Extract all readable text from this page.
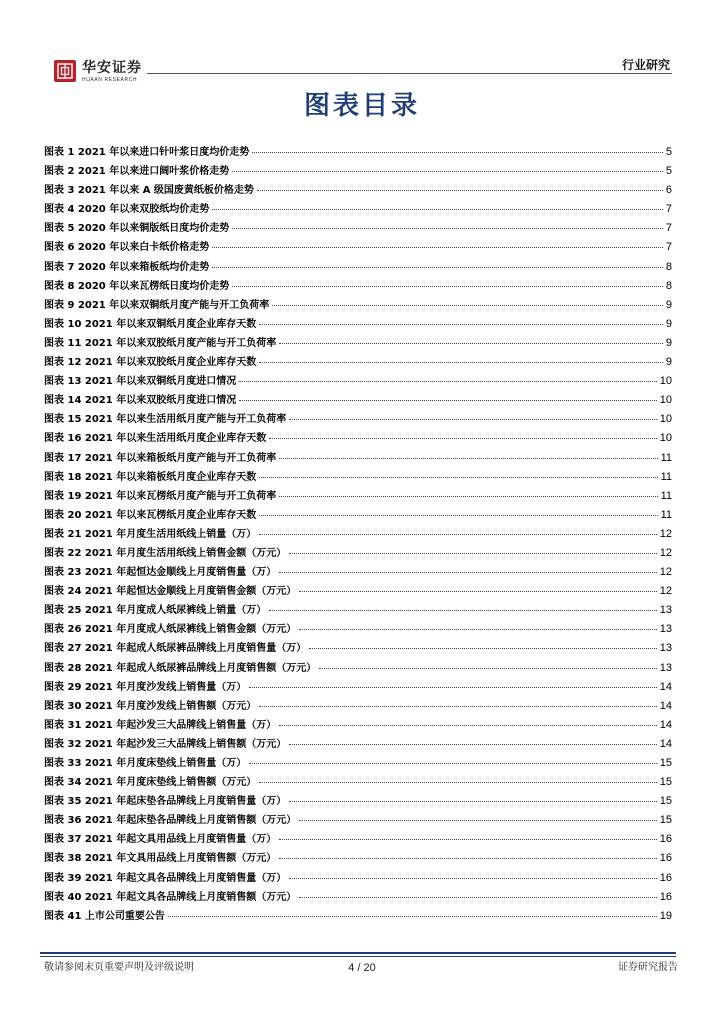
华安证券
HUAAN RESEARCH
行业研究
图表目录
图表 1 2021 年以来进口针叶浆日度均价走势	5
图表 2 2021 年以来进口阔叶浆价格走势	5
图表 3 2021 年以来 A 级国废黄纸板价格走势	6
图表 4 2020 年以来双胶纸均价走势	7
图表 5 2020 年以来铜版纸日度均价走势	7
图表 6 2020 年以来白卡纸价格走势	7
图表 7 2020 年以来箱板纸均价走势	8
图表 8 2020 年以来瓦楞纸日度均价走势	8
图表 9 2021 年以来双铜纸月度产能与开工负荷率	9
图表 10 2021 年以来双铜纸月度企业库存天数	9
图表 11 2021 年以来双胶纸月度产能与开工负荷率	9
图表 12 2021 年以来双胶纸月度企业库存天数	9
图表 13 2021 年以来双铜纸月度进口情况	10
图表 14 2021 年以来双胶纸月度进口情况	10
图表 15 2021 年以来生活用纸月度产能与开工负荷率	10
图表 16 2021 年以来生活用纸月度企业库存天数	10
图表 17 2021 年以来箱板纸月度产能与开工负荷率	11
图表 18 2021 年以来箱板纸月度企业库存天数	11
图表 19 2021 年以来瓦楞纸月度产能与开工负荷率	11
图表 20 2021 年以来瓦楞纸月度企业库存天数	11
图表 21 2021 年月度生活用纸线上销量（万）	12
图表 22 2021 年月度生活用纸线上销售金额（万元）	12
图表 23 2021 年起恒达金顺线上月度销售量（万）	12
图表 24 2021 年起恒达金顺线上月度销售金额（万元）	12
图表 25 2021 年月度成人纸尿裤线上销量（万）	13
图表 26 2021 年月度成人纸尿裤线上销售金额（万元）	13
图表 27 2021 年起成人纸尿裤品牌线上月度销售量（万）	13
图表 28 2021 年起成人纸尿裤品牌线上月度销售额（万元）	13
图表 29 2021 年月度沙发线上销售量（万）	14
图表 30 2021 年月度沙发线上销售额（万元）	14
图表 31 2021 年起沙发三大品牌线上销售量（万）	14
图表 32 2021 年起沙发三大品牌线上销售额（万元）	14
图表 33 2021 年月度床垫线上销售量（万）	15
图表 34 2021 年月度床垫线上销售额（万元）	15
图表 35 2021 年起床垫各品牌线上月度销售量（万）	15
图表 36 2021 年起床垫各品牌线上月度销售额（万元）	15
图表 37 2021 年起文具用品线上月度销售量（万）	16
图表 38 2021 年文具用品线上月度销售额（万元）	16
图表 39 2021 年起文具各品牌线上月度销售量（万）	16
图表 40 2021 年起文具各品牌线上月度销售额（万元）	16
图表 41 上市公司重要公告	19
敬请参阅末页重要声明及评级说明	4 / 20	证券研究报告
